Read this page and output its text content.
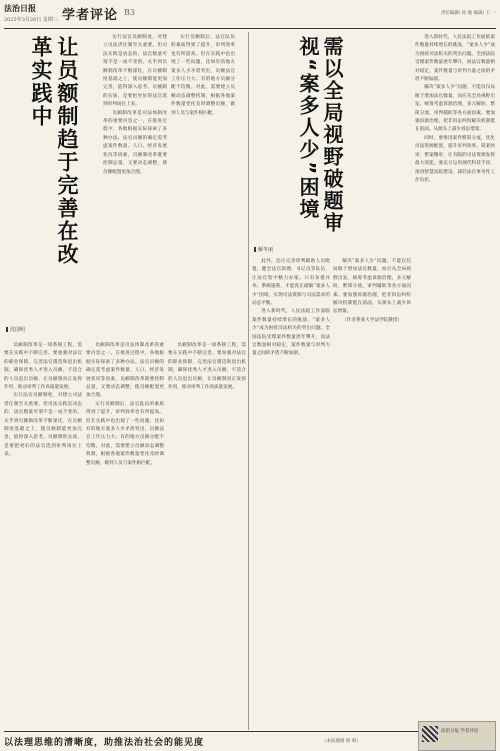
法治日报
2025年3月26日 星期三 学者评论 B3	责任编辑/ 孙 敏 编辑/ 王 一
让员额制趋于完善在改革实践中
沈国明

实行法官员额制度，对建立司法责任制至关重要。但司法实践是动态的，法官数量可谓不是一成不变的。关乎到员额制改革不断深化，在员额制度基础之上，使员额制能更加完善，值得深入思考。员额制的实质，是要把更好的法官选到审判岗位上来。

员额制改革是司法体制改革的重要内容之一。在推进过程中，各地根据实际探索了多种办法。法官员额的确定需考虑案件数量、人口、经济发展状况等因素，员额制改革既要控制总量，又要动态调整，使员额配置更加合理。

实行员额制后，法官队伍的素质得到了提升，审判效率也有所提高。但在实践中也出现了一些问题，比如有的地方案多人少矛盾突出，员额法官工作压力大；有的地方员额分配不均衡。对此，需要建立员额动态调整机制，根据各地案件数量变化及时调整员额，做到人员与案件相匹配。

员额制改革是一项系统工程，需要在实践中不断完善。要加强对法官的职业保障，完善法官遴选和退出机制，确保优秀人才进入员额、不适合的人员退出员额，让员额制真正发挥作用，推动审判工作高质量发展。

实行法官员额制度，对建立司法责任制至关重要。但司法实践是动态的，法官数量可谓不是一成不变的。关乎到员额制改革不断深化，在员额制度基础之上，使员额制能更加完善，值得深入思考。员额制的实质，是要把更好的法官选到审判岗位上来。

员额制改革是司法体制改革的重要内容之一。在推进过程中，各地根据实际探索了多种办法。法官员额的确定需考虑案件数量、人口、经济发展状况等因素，员额制改革既要控制总量，又要动态调整，使员额配置更加合理。

实行员额制后，法官队伍的素质得到了提升，审判效率也有所提高。但在实践中也出现了一些问题，比如有的地方案多人少矛盾突出，员额法官工作压力大；有的地方员额分配不均衡。对此，需要建立员额动态调整机制，根据各地案件数量变化及时调整员额，做到人员与案件相匹配。

员额制改革是一项系统工程，需要在实践中不断完善。要加强对法官的职业保障，完善法官遴选和退出机制，确保优秀人才进入员额、不适合的人员退出员额，让员额制真正发挥作用，推动审判工作高质量发展。

需以全局视野破题审视“案多人少”困境
解冬丽

进入新时代，人民法院工作面临案件数量持续增长的挑战，“案多人少”成为困扰司法机关的突出问题。全国法院受理案件数量逐年攀升，而法官数量相对稳定，案件数量与审判力量之间的矛盾不断加剧。

解决“案多人少”问题，不能仅仅局限于增加法官数量，而应从全局视野出发，统筹考虑诉源治理、多元解纷、繁简分流、审判辅助等各方面因素。要加强诉源治理，把非诉讼纠纷解决机制挺在前面，从源头上减少诉讼增量。

同时，要推进案件繁简分流，优化司法资源配置，提升审判效率。简案快审、繁案精审，让有限的司法资源发挥最大效能。要充分运用现代科技手段，推进智慧法院建设，减轻法官事务性工作负担。

此外，还应完善审判辅助人员配置，健全法官助理、书记员等队伍，让法官集中精力办案。只有多措并举、系统施策，才能真正破解“案多人少”困境，实现司法资源与司法需求的动态平衡。

进入新时代，人民法院工作面临案件数量持续增长的挑战，“案多人少”成为困扰司法机关的突出问题。全国法院受理案件数量逐年攀升，而法官数量相对稳定，案件数量与审判力量之间的矛盾不断加剧。

解决“案多人少”问题，不能仅仅局限于增加法官数量，而应从全局视野出发，统筹考虑诉源治理、多元解纷、繁简分流、审判辅助等各方面因素。要加强诉源治理，把非诉讼纠纷解决机制挺在前面，从源头上减少诉讼增量。

（作者系某大学法学院教授）

以法理思维的清晰度，助推法治社会的能见度	（本报插图 韩 韩）
法治日报 学者评论
